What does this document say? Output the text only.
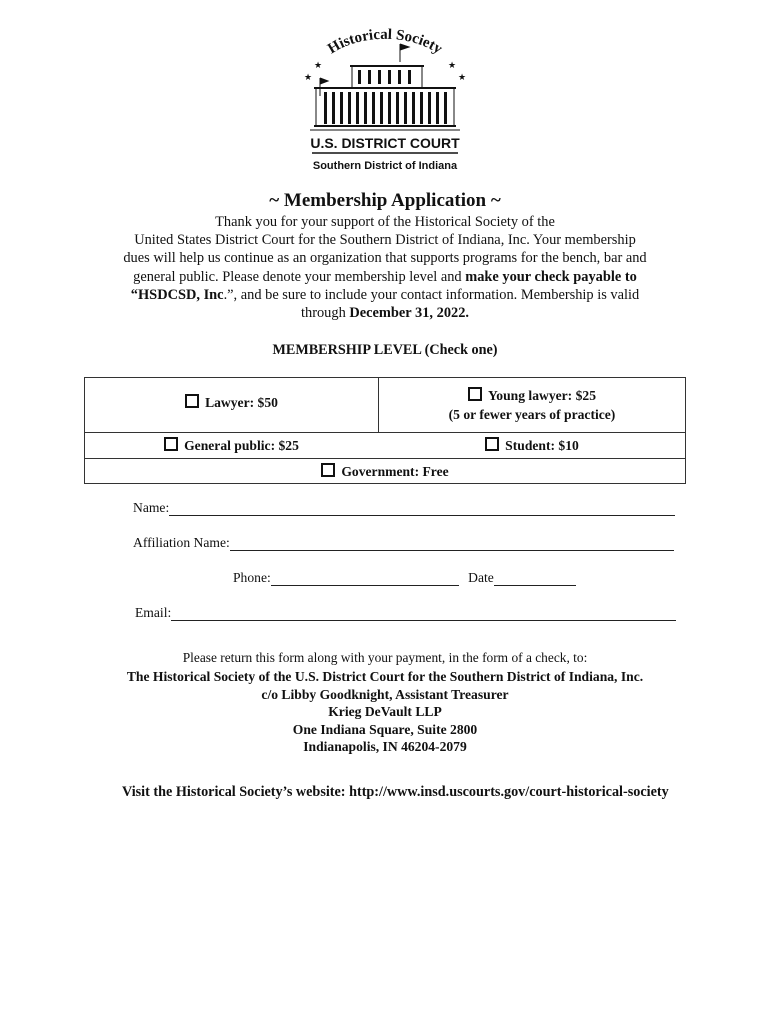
Historical Society
★
★	★
★
U.S. DISTRICT COURT
Southern District of Indiana
~ Membership Application ~
Thank you for your support of the Historical Society of the
United States District Court for the Southern District of Indiana, Inc. Your membership
dues will help us continue as an organization that supports programs for the bench, bar and
general public. Please denote your membership level and make your check payable to
“HSDCSD, Inc.”, and be sure to include your contact information. Membership is valid
through December 31, 2022.
MEMBERSHIP LEVEL (Check one)
Lawyer: $50	Young lawyer: $25
(5 or fewer years of practice)
General public: $25	Student: $10
Government: Free
Name:
Affiliation Name:
Phone:	Date
Email:
Please return this form along with your payment, in the form of a check, to:
The Historical Society of the U.S. District Court for the Southern District of Indiana, Inc.
c/o Libby Goodknight, Assistant Treasurer
Krieg DeVault LLP
One Indiana Square, Suite 2800
Indianapolis, IN 46204-2079
Visit the Historical Society’s website: http://www.insd.uscourts.gov/court-historical-society
